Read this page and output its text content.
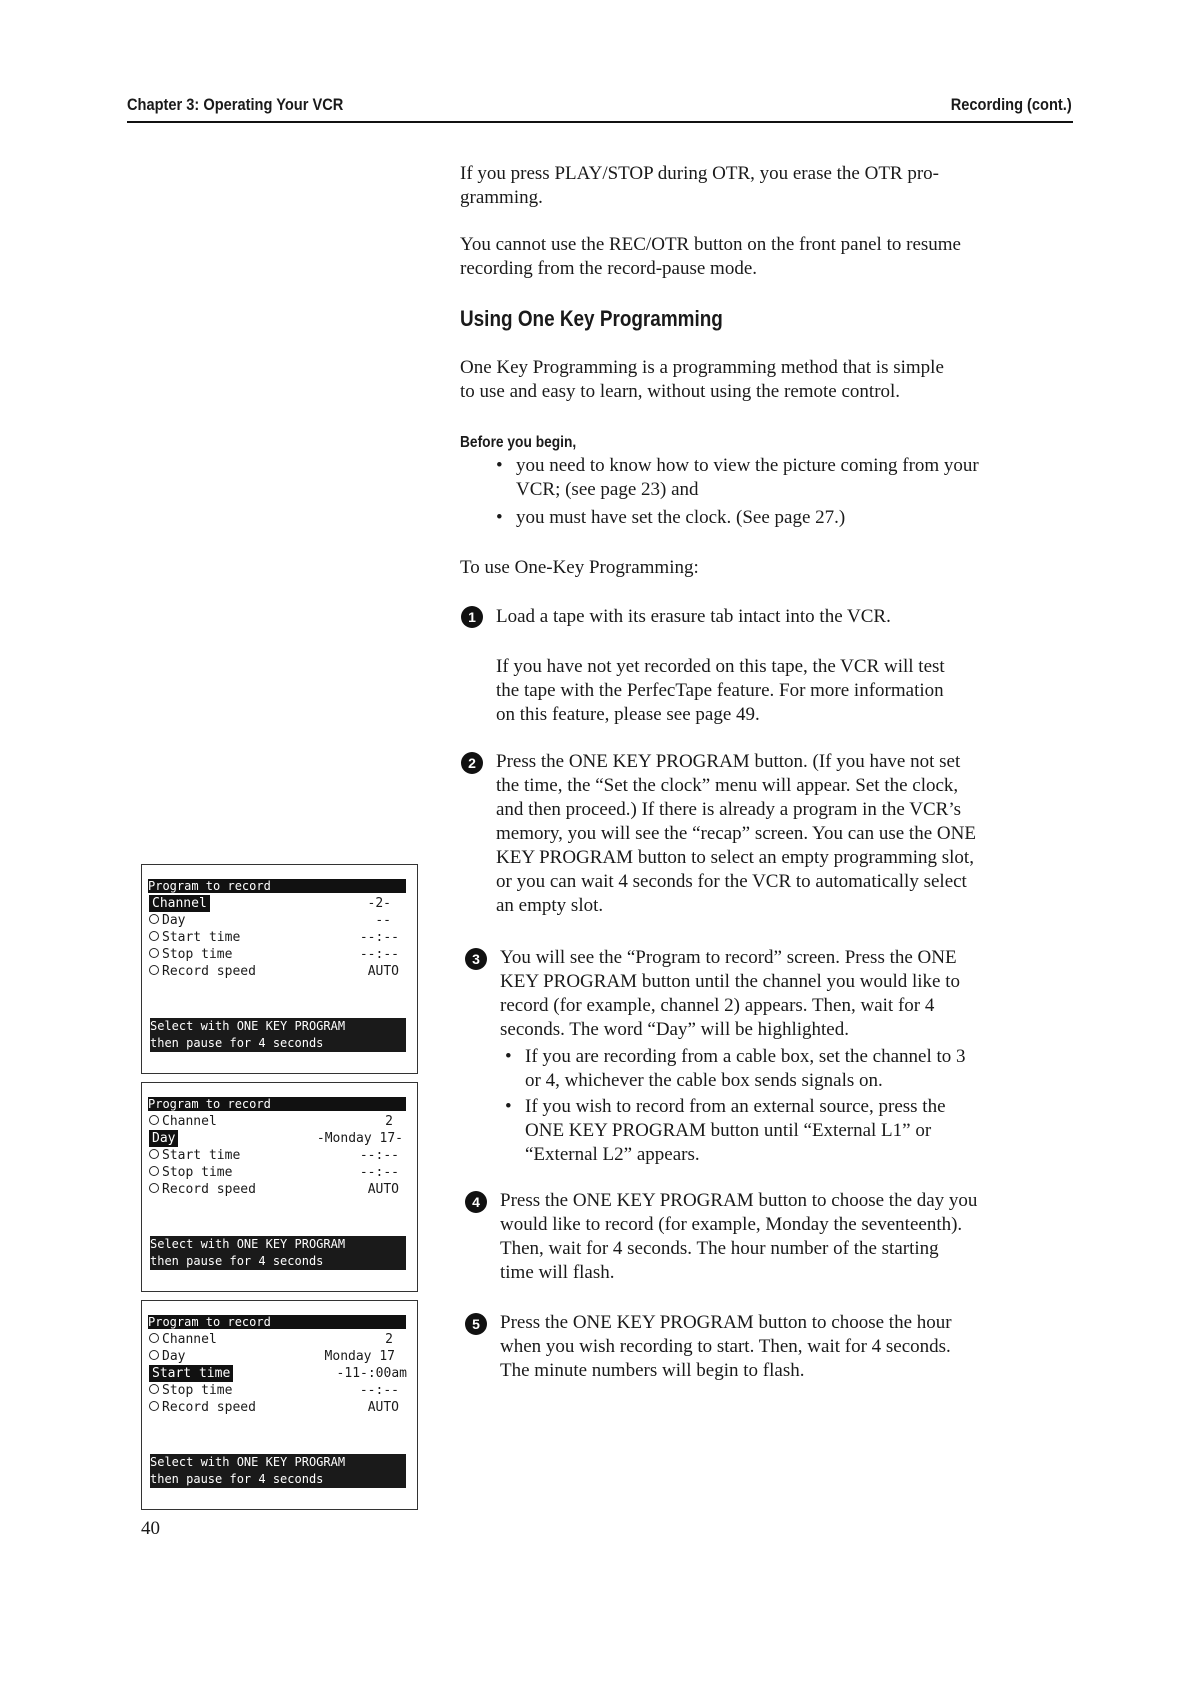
Chapter 3: Operating Your VCR	Recording (cont.)

If you press PLAY/STOP during OTR, you erase the OTR pro-

gramming.

You cannot use the REC/OTR button on the front panel to resume

recording from the record-pause mode.

Using One Key Programming

One Key Programming is a programming method that is simple

to use and easy to learn, without using the remote control.

Before you begin,
• you need to know how to view the picture coming from your
VCR; (see page 23) and
• you must have set the clock. (See page 27.)

To use One-Key Programming:

1	Load a tape with its erasure tab intact into the VCR.

If you have not yet recorded on this tape, the VCR will test

the tape with the PerfecTape feature. For more information

on this feature, please see page 49.

2	Press the ONE KEY PROGRAM button. (If you have not set

the time, the “Set the clock” menu will appear. Set the clock,

and then proceed.) If there is already a program in the VCR’s

memory, you will see the “recap” screen. You can use the ONE

KEY PROGRAM button to select an empty programming slot,

or you can wait 4 seconds for the VCR to automatically select

an empty slot.

3	You will see the “Program to record” screen. Press the ONE

KEY PROGRAM button until the channel you would like to

record (for example, channel 2) appears. Then, wait for 4

seconds. The word “Day” will be highlighted.

• If you are recording from a cable box, set the channel to 3
or 4, whichever the cable box sends signals on.
• If you wish to record from an external source, press the
ONE KEY PROGRAM button until “External L1” or
“External L2” appears.
4	Press the ONE KEY PROGRAM button to choose the day you

would like to record (for example, Monday the seventeenth).

Then, wait for 4 seconds. The hour number of the starting

time will flash.

5	Press the ONE KEY PROGRAM button to choose the hour

when you wish recording to start. Then, wait for 4 seconds.

The minute numbers will begin to flash.

Program to record
Channel	-2-
Day	--
Start time	--:--
Stop time	--:--
Record speed	AUTO
Select with ONE KEY PROGRAM
then pause for 4 seconds
Program to record
Channel	2
Day	-Monday 17-
Start time	--:--
Stop time	--:--
Record speed	AUTO
Select with ONE KEY PROGRAM
then pause for 4 seconds
Program to record
Channel	2
Day	Monday 17
Start time	-11-:00am
Stop time	--:--
Record speed	AUTO
Select with ONE KEY PROGRAM
then pause for 4 seconds
40
